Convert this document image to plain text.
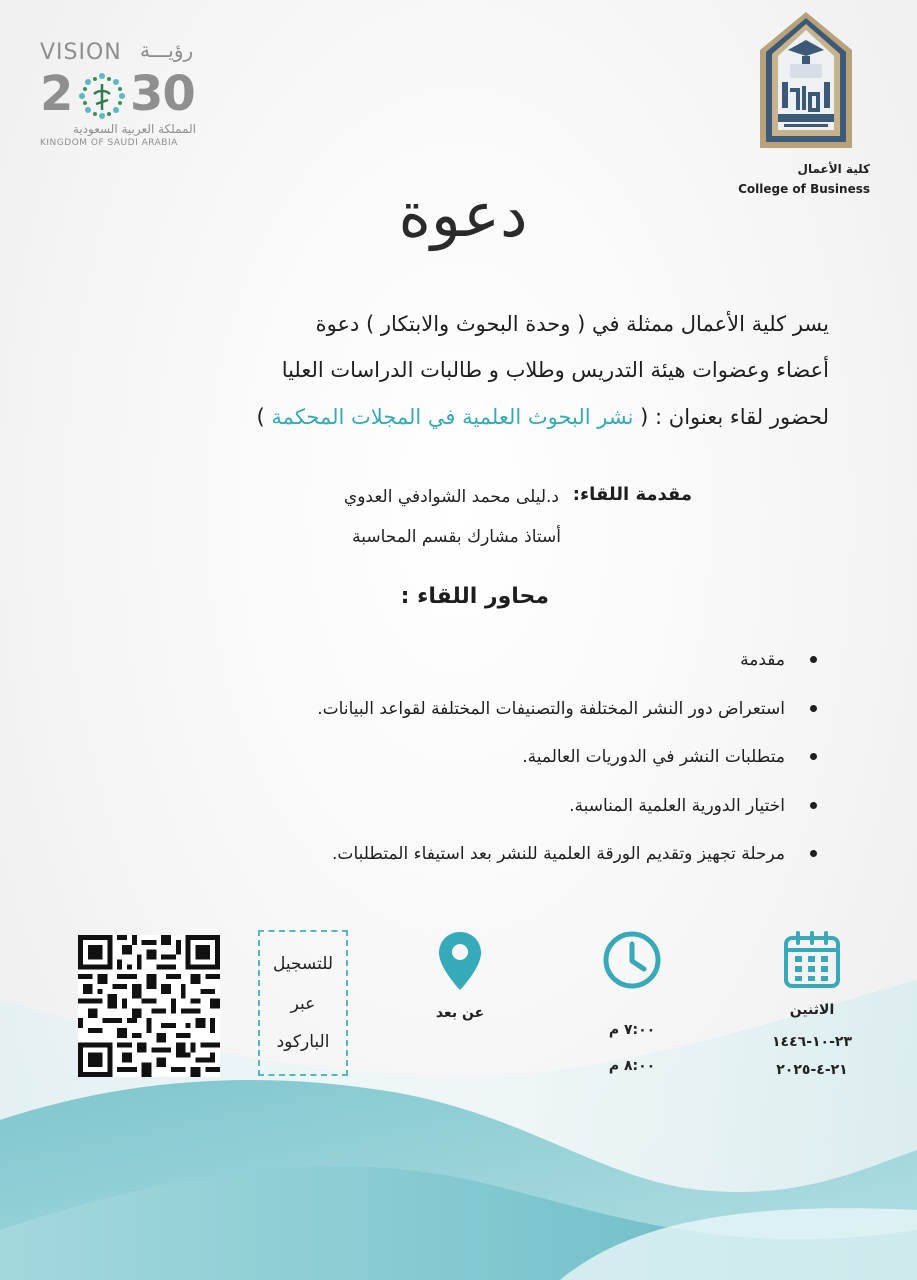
VISION رؤيـــة
2 30
المملكة العربية السعودية
KINGDOM OF SAUDI ARABIA
كلية الأعمال
College of Business
دعوة
يسر كلية الأعمال ممثلة في ( وحدة البحوث والابتكار ) دعوة
أعضاء وعضوات هيئة التدريس وطلاب و طالبات الدراسات العليا
لحضور لقاء بعنوان : ( نشر البحوث العلمية في المجلات المحكمة )
مقدمة اللقاء:
د.ليلى محمد الشوادفي العدوي
أستاذ مشارك بقسم المحاسبة
محاور اللقاء :
مقدمة
استعراض دور النشر المختلفة والتصنيفات المختلفة لقواعد البيانات.
متطلبات النشر في الدوريات العالمية.
اختيار الدورية العلمية المناسبة.
مرحلة تجهيز وتقديم الورقة العلمية للنشر بعد استيفاء المتطلبات.
الاثنين
٢٣-١٠-١٤٤٦
٢١-٤-٢٠٢٥
٧:٠٠ م
٨:٠٠ م
عن بعد
للتسجيل
عبر
الباركود
